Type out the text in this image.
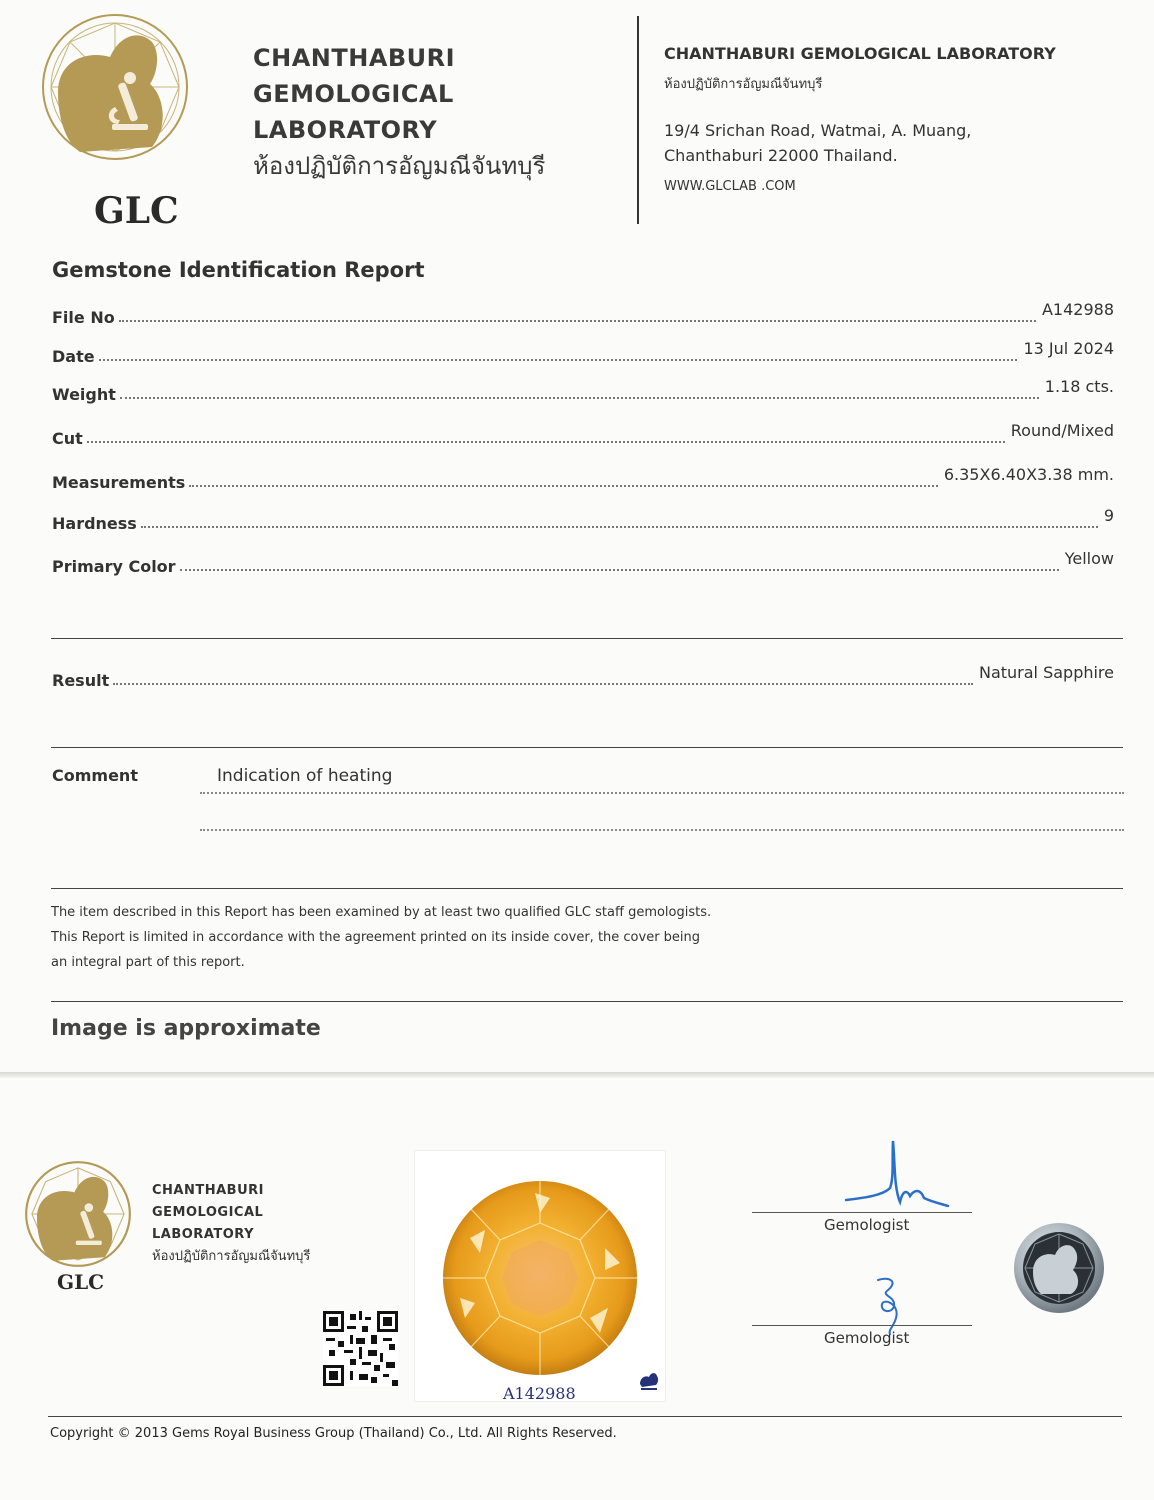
GLC
CHANTHABURI
GEMOLOGICAL
LABORATORY
ห้องปฏิบัติการอัญมณีจันทบุรี
CHANTHABURI GEMOLOGICAL LABORATORY
ห้องปฏิบัติการอัญมณีจันทบุรี
19/4 Srichan Road, Watmai, A. Muang,
Chanthaburi 22000 Thailand.
WWW.GLCLAB .COM
Gemstone Identification Report
File No	A142988
Date	13 Jul 2024
Weight	1.18 cts.
Cut	Round/Mixed
Measurements	6.35X6.40X3.38 mm.
Hardness	9
Primary Color	Yellow
Result	Natural Sapphire
Comment	Indication of heating
The item described in this Report has been examined by at least two qualified GLC staff gemologists.
This Report is limited in accordance with the agreement printed on its inside cover, the cover being
an integral part of this report.
Image is approximate
GLC
CHANTHABURI
GEMOLOGICAL
LABORATORY
ห้องปฏิบัติการอัญมณีจันทบุรี
A142988
Gemologist
Gemologist
Copyright © 2013 Gems Royal Business Group (Thailand) Co., Ltd. All Rights Reserved.
